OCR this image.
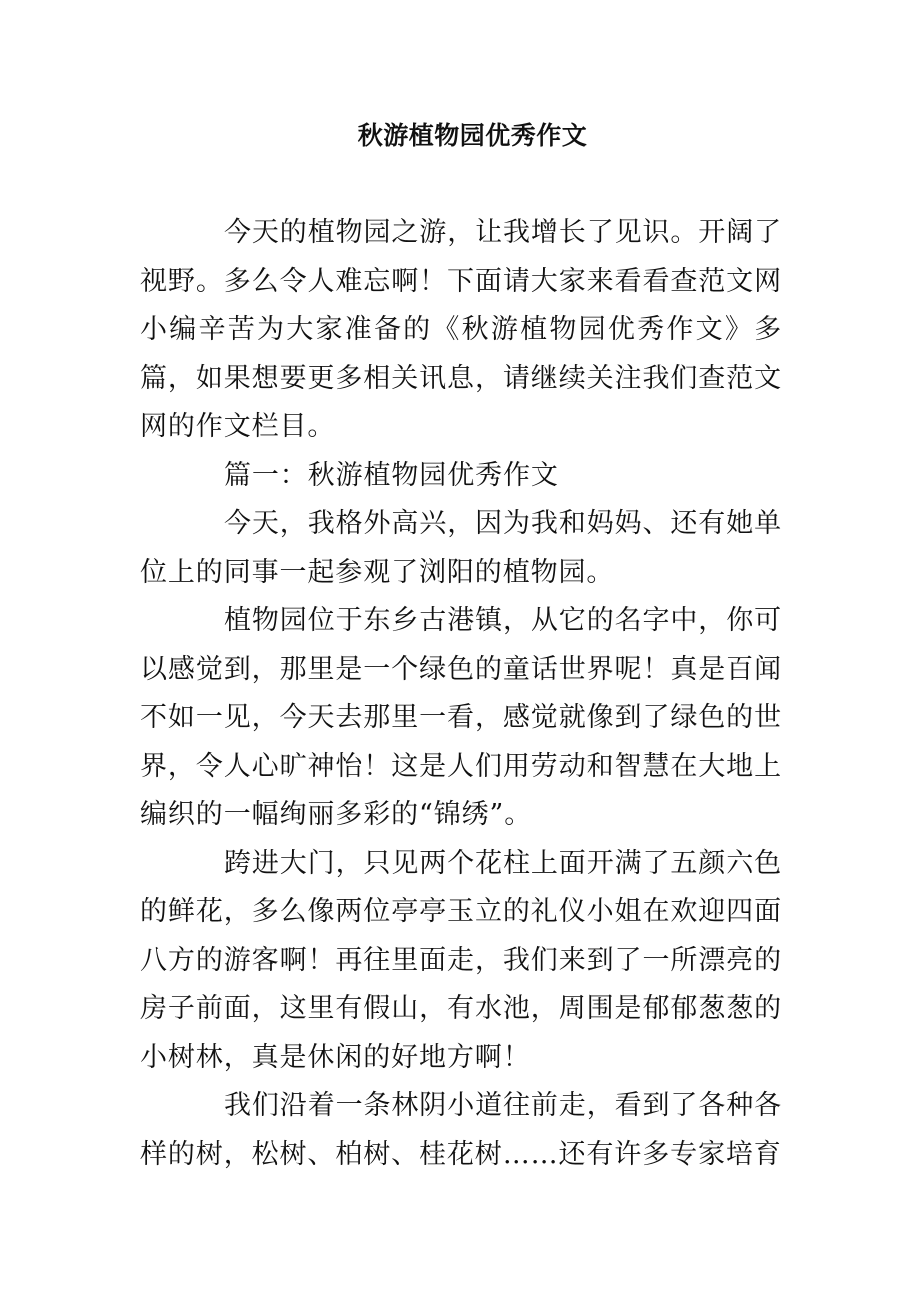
秋游植物园优秀作文

今天的植物园之游，让我增长了见识。开阔了视野。多么令人难忘啊！下面请大家来看看查范文网小编辛苦为大家准备的《秋游植物园优秀作文》多篇，如果想要更多相关讯息，请继续关注我们查范文网的作文栏目。

篇一：秋游植物园优秀作文

今天，我格外高兴，因为我和妈妈、还有她单位上的同事一起参观了浏阳的植物园。

植物园位于东乡古港镇，从它的名字中，你可以感觉到，那里是一个绿色的童话世界呢！真是百闻不如一见，今天去那里一看，感觉就像到了绿色的世界，令人心旷神怡！这是人们用劳动和智慧在大地上编织的一幅绚丽多彩的“锦绣”。

跨进大门，只见两个花柱上面开满了五颜六色的鲜花，多么像两位亭亭玉立的礼仪小姐在欢迎四面八方的游客啊！再往里面走，我们来到了一所漂亮的房子前面，这里有假山，有水池，周围是郁郁葱葱的小树林，真是休闲的好地方啊！

我们沿着一条林阴小道往前走，看到了各种各样的树，松树、柏树、桂花树……还有许多专家培育
